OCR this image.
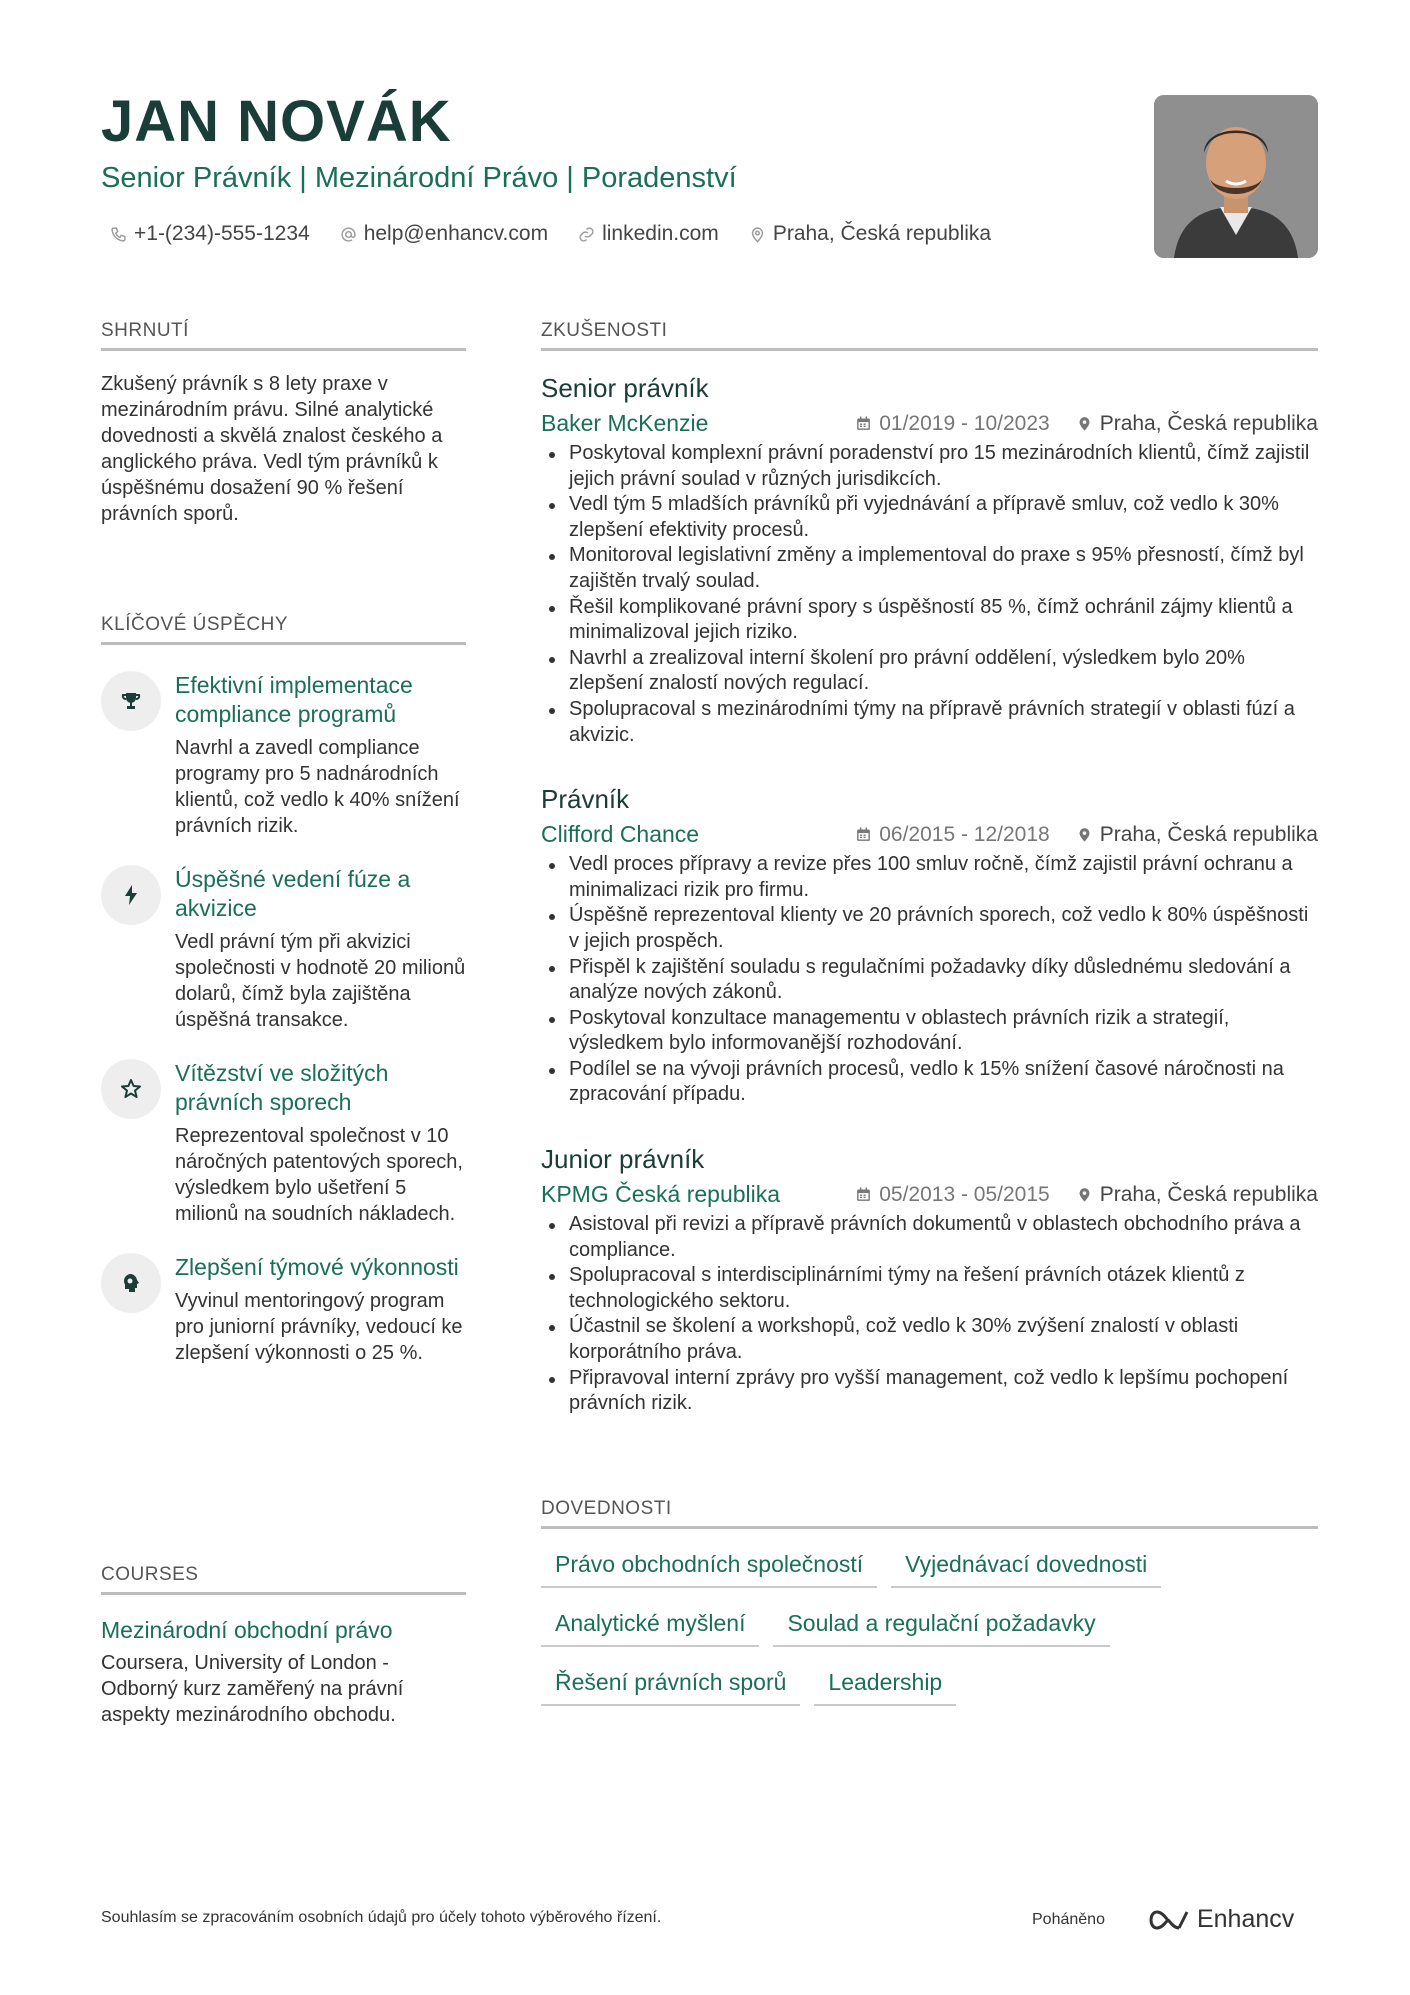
JAN NOVÁK
Senior Právník | Mezinárodní Právo | Poradenství
+1-(234)-555-1234	help@enhancv.com	linkedin.com	Praha, Česká republika
SHRNUTÍ
Zkušený právník s 8 lety praxe v mezinárodním právu. Silné analytické dovednosti a skvělá znalost českého a anglického práva. Vedl tým právníků k úspěšnému dosažení 90 % řešení právních sporů.
KLÍČOVÉ ÚSPĚCHY
Efektivní implementace compliance programů
Navrhl a zavedl compliance programy pro 5 nadnárodních klientů, což vedlo k 40% snížení právních rizik.
Úspěšné vedení fúze a akvizice
Vedl právní tým při akvizici společnosti v hodnotě 20 milionů dolarů, čímž byla zajištěna úspěšná transakce.
Vítězství ve složitých právních sporech
Reprezentoval společnost v 10 náročných patentových sporech, výsledkem bylo ušetření 5 milionů na soudních nákladech.
Zlepšení týmové výkonnosti
Vyvinul mentoringový program pro juniorní právníky, vedoucí ke zlepšení výkonnosti o 25 %.
COURSES
Mezinárodní obchodní právo
Coursera, University of London - Odborný kurz zaměřený na právní aspekty mezinárodního obchodu.
ZKUŠENOSTI
Senior právník
Baker McKenzie	01/2019 - 10/2023 Praha, Česká republika
Poskytoval komplexní právní poradenství pro 15 mezinárodních klientů, čímž zajistil jejich právní soulad v různých jurisdikcích.
Vedl tým 5 mladších právníků při vyjednávání a přípravě smluv, což vedlo k 30% zlepšení efektivity procesů.
Monitoroval legislativní změny a implementoval do praxe s 95% přesností, čímž byl zajištěn trvalý soulad.
Řešil komplikované právní spory s úspěšností 85 %, čímž ochránil zájmy klientů a minimalizoval jejich riziko.
Navrhl a zrealizoval interní školení pro právní oddělení, výsledkem bylo 20% zlepšení znalostí nových regulací.
Spolupracoval s mezinárodními týmy na přípravě právních strategií v oblasti fúzí a akvizic.
Právník
Clifford Chance	06/2015 - 12/2018 Praha, Česká republika
Vedl proces přípravy a revize přes 100 smluv ročně, čímž zajistil právní ochranu a minimalizaci rizik pro firmu.
Úspěšně reprezentoval klienty ve 20 právních sporech, což vedlo k 80% úspěšnosti v jejich prospěch.
Přispěl k zajištění souladu s regulačními požadavky díky důslednému sledování a analýze nových zákonů.
Poskytoval konzultace managementu v oblastech právních rizik a strategií, výsledkem bylo informovanější rozhodování.
Podílel se na vývoji právních procesů, vedlo k 15% snížení časové náročnosti na zpracování případu.
Junior právník
KPMG Česká republika	05/2013 - 05/2015 Praha, Česká republika
Asistoval při revizi a přípravě právních dokumentů v oblastech obchodního práva a compliance.
Spolupracoval s interdisciplinárními týmy na řešení právních otázek klientů z technologického sektoru.
Účastnil se školení a workshopů, což vedlo k 30% zvýšení znalostí v oblasti korporátního práva.
Připravoval interní zprávy pro vyšší management, což vedlo k lepšímu pochopení právních rizik.
DOVEDNOSTI
Právo obchodních společností	Vyjednávací dovednosti
Analytické myšlení	Soulad a regulační požadavky
Řešení právních sporů	Leadership
Souhlasím se zpracováním osobních údajů pro účely tohoto výběrového řízení.	Poháněno	Enhancv
